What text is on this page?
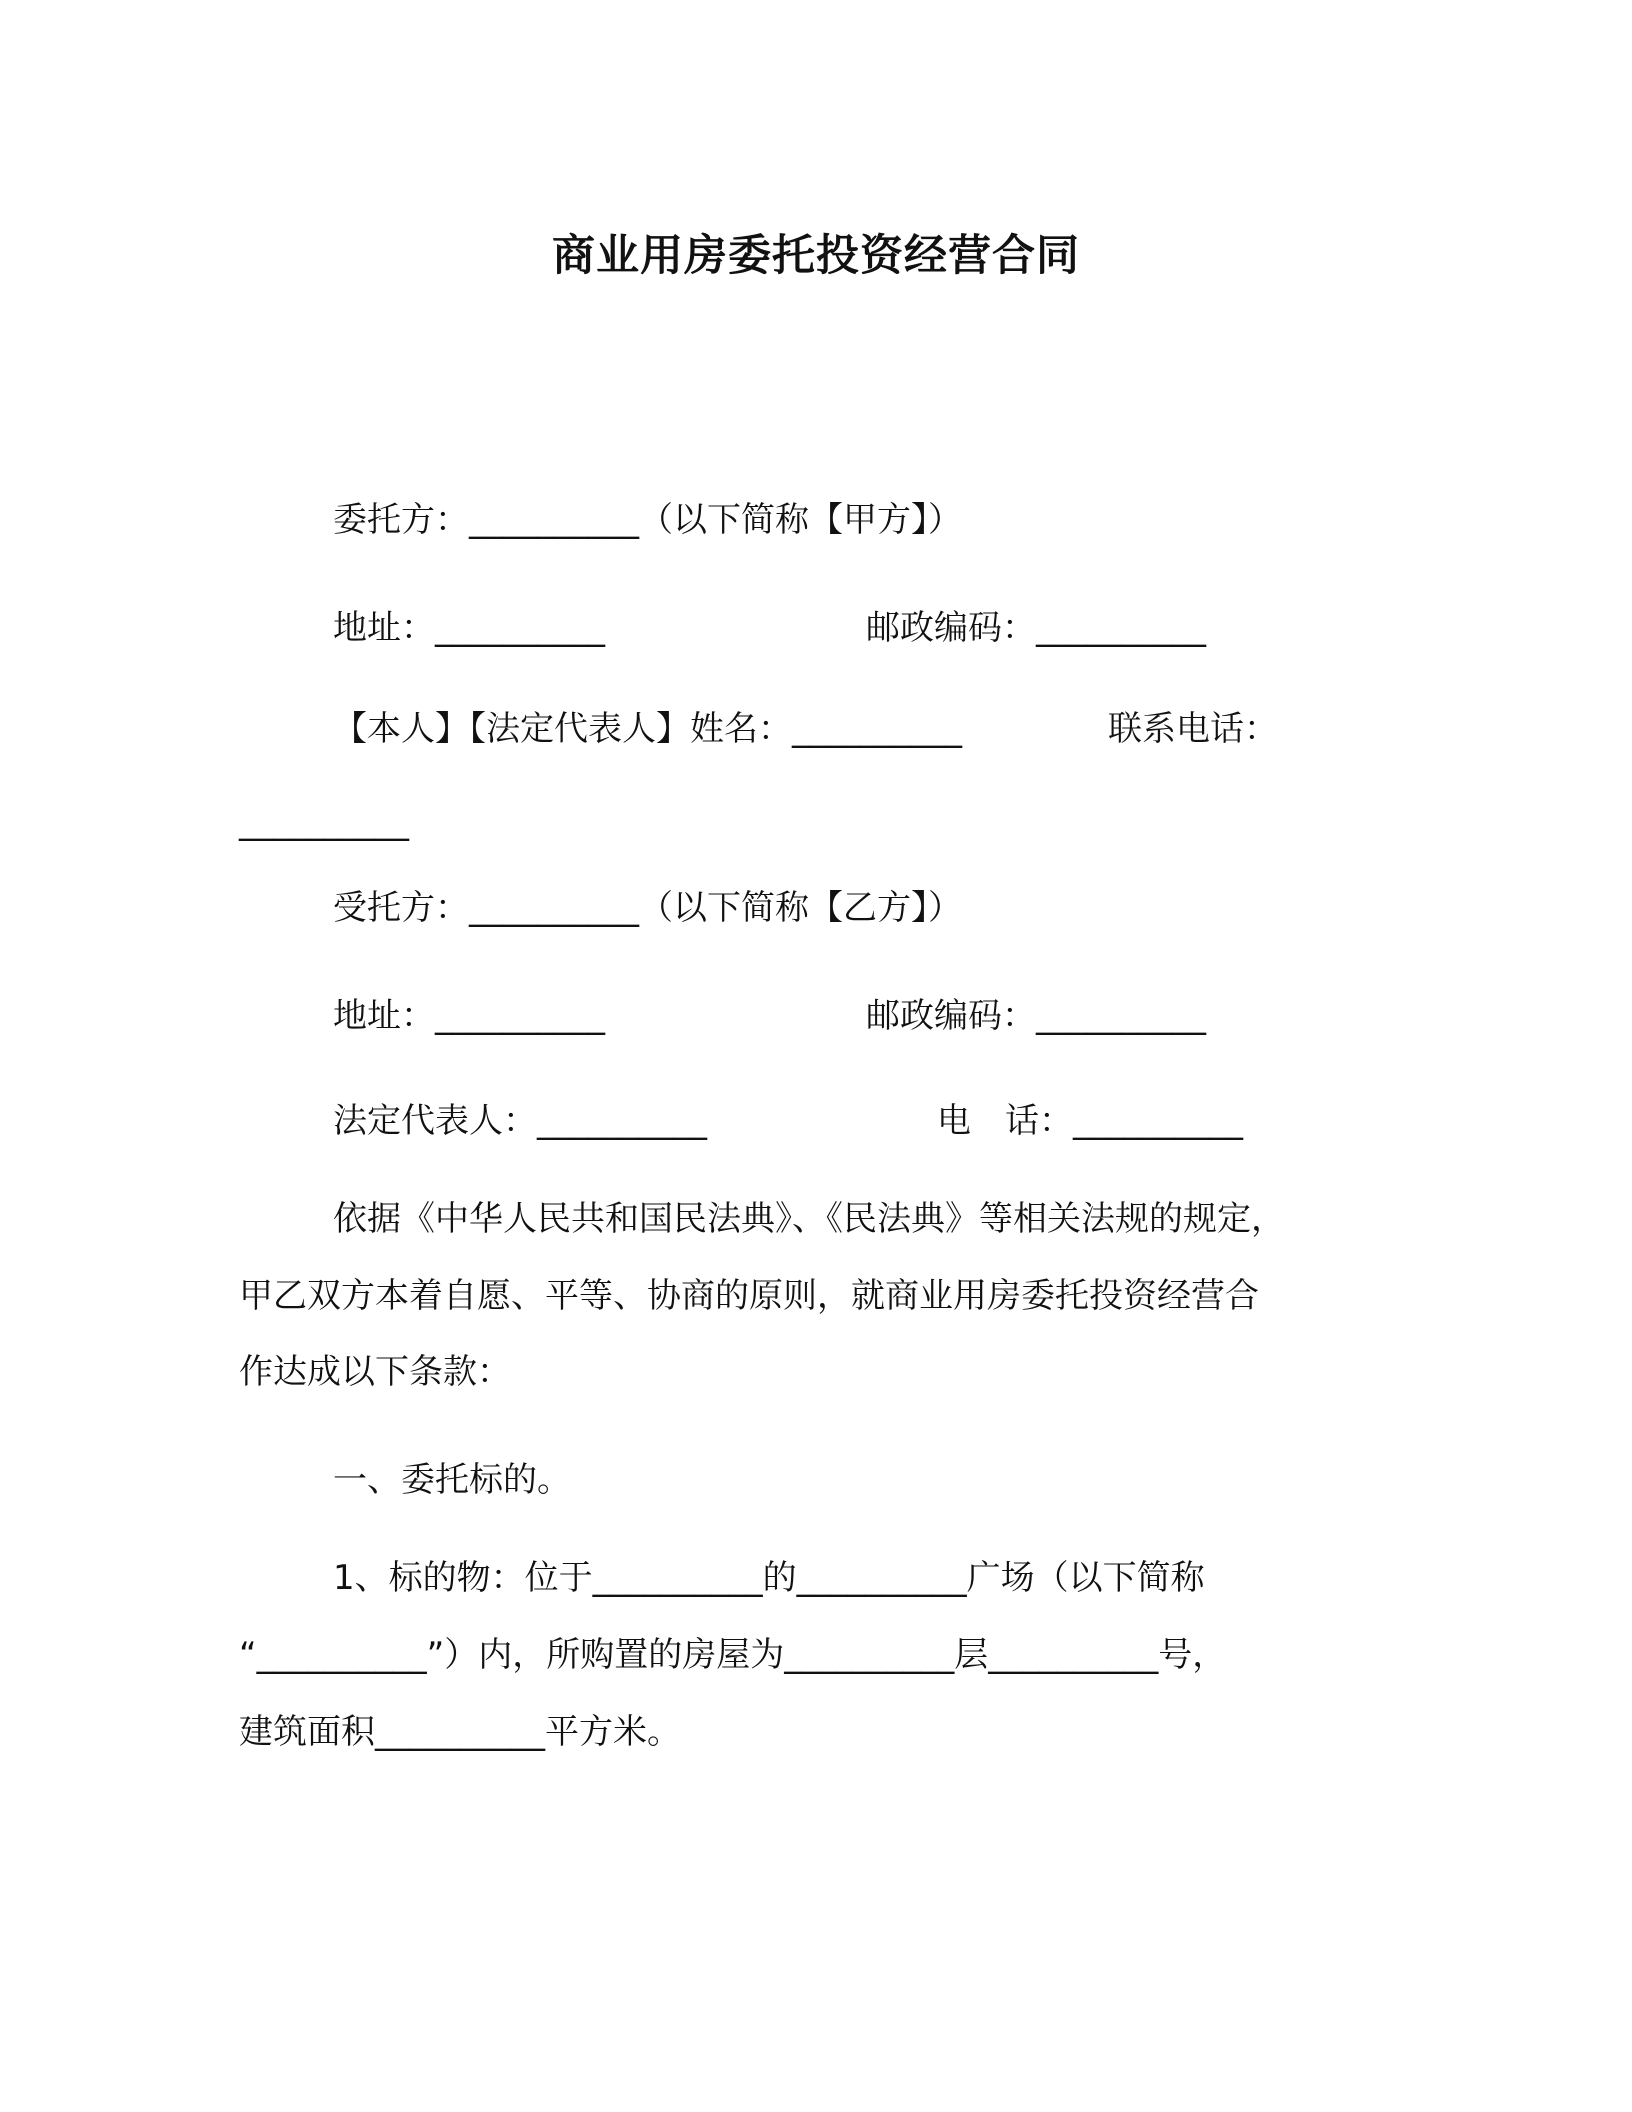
商业用房委托投资经营合同
委托方：__________（以下简称【甲方】）
地址：__________	邮政编码：__________
【本人】【法定代表人】姓名：__________	联系电话：
__________
受托方：__________（以下简称【乙方】）
地址：__________	邮政编码：__________
法定代表人：__________	电　话：__________
依据《中华人民共和国民法典》、《民法典》等相关法规的规定，
甲乙双方本着自愿、平等、协商的原则，就商业用房委托投资经营合
作达成以下条款：
一、委托标的。
1、标的物：位于__________的__________广场（以下简称
“__________”）内，所购置的房屋为__________层__________号，
建筑面积__________平方米。
